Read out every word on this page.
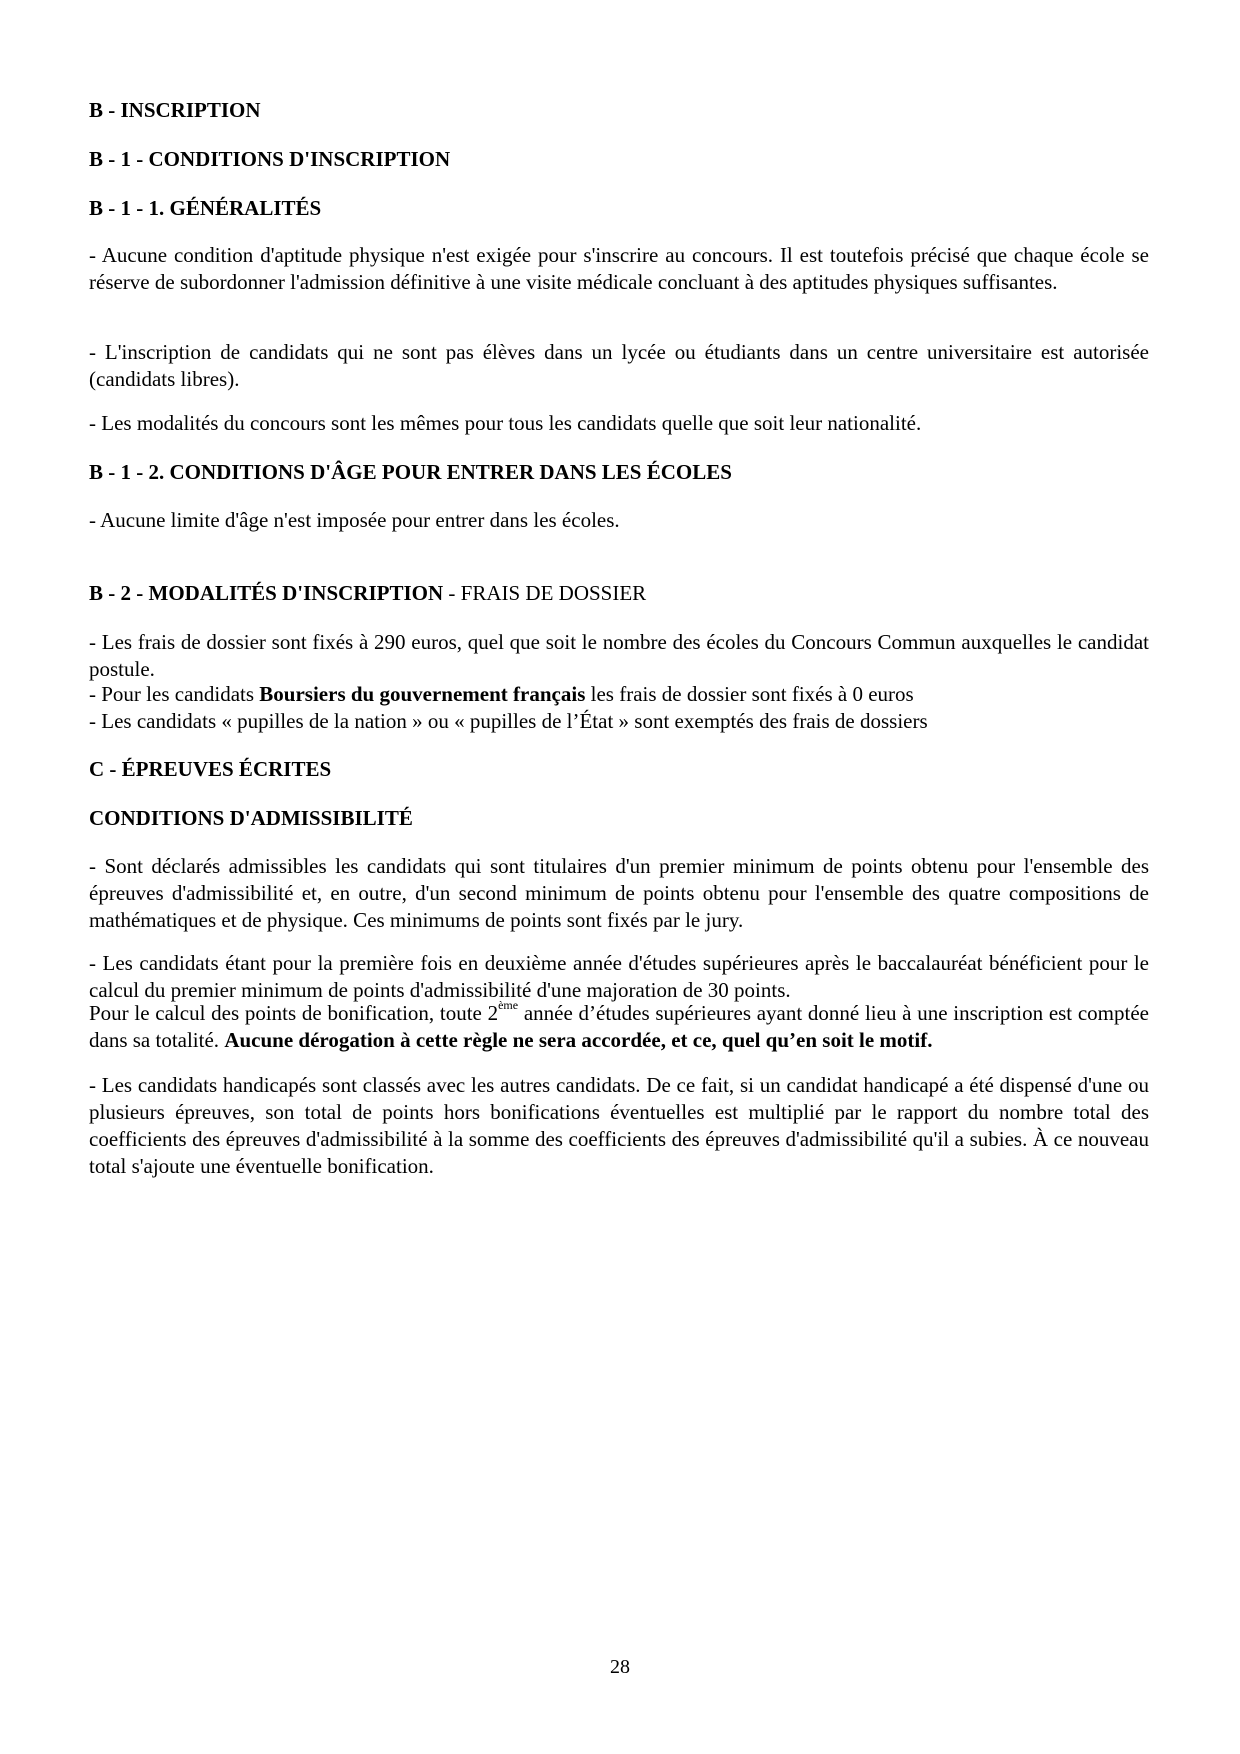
B - INSCRIPTION

B - 1 - CONDITIONS D'INSCRIPTION

B - 1 - 1. GÉNÉRALITÉS

- Aucune condition d'aptitude physique n'est exigée pour s'inscrire au concours. Il est toutefois précisé que chaque école se réserve de subordonner l'admission définitive à une visite médicale concluant à des aptitudes physiques suffisantes.

- L'inscription de candidats qui ne sont pas élèves dans un lycée ou étudiants dans un centre universitaire est autorisée (candidats libres).

- Les modalités du concours sont les mêmes pour tous les candidats quelle que soit leur nationalité.

B - 1 - 2. CONDITIONS D'ÂGE POUR ENTRER DANS LES ÉCOLES

- Aucune limite d'âge n'est imposée pour entrer dans les écoles.

B - 2 - MODALITÉS D'INSCRIPTION - FRAIS DE DOSSIER

- Les frais de dossier sont fixés à 290 euros, quel que soit le nombre des écoles du Concours Commun auxquelles le candidat postule.

- Pour les candidats Boursiers du gouvernement français les frais de dossier sont fixés à 0 euros

- Les candidats « pupilles de la nation » ou « pupilles de l’État » sont exemptés des frais de dossiers

C - ÉPREUVES ÉCRITES

CONDITIONS D'ADMISSIBILITÉ

- Sont déclarés admissibles les candidats qui sont titulaires d'un premier minimum de points obtenu pour l'ensemble des épreuves d'admissibilité et, en outre, d'un second minimum de points obtenu pour l'ensemble des quatre compositions de mathématiques et de physique. Ces minimums de points sont fixés par le jury.

- Les candidats étant pour la première fois en deuxième année d'études supérieures après le baccalauréat bénéficient pour le calcul du premier minimum de points d'admissibilité d'une majoration de 30 points.

Pour le calcul des points de bonification, toute 2ème année d’études supérieures ayant donné lieu à une inscription est comptée dans sa totalité. Aucune dérogation à cette règle ne sera accordée, et ce, quel qu’en soit le motif.

- Les candidats handicapés sont classés avec les autres candidats. De ce fait, si un candidat handicapé a été dispensé d'une ou plusieurs épreuves, son total de points hors bonifications éventuelles est multiplié par le rapport du nombre total des coefficients des épreuves d'admissibilité à la somme des coefficients des épreuves d'admissibilité qu'il a subies. À ce nouveau total s'ajoute une éventuelle bonification.

28
